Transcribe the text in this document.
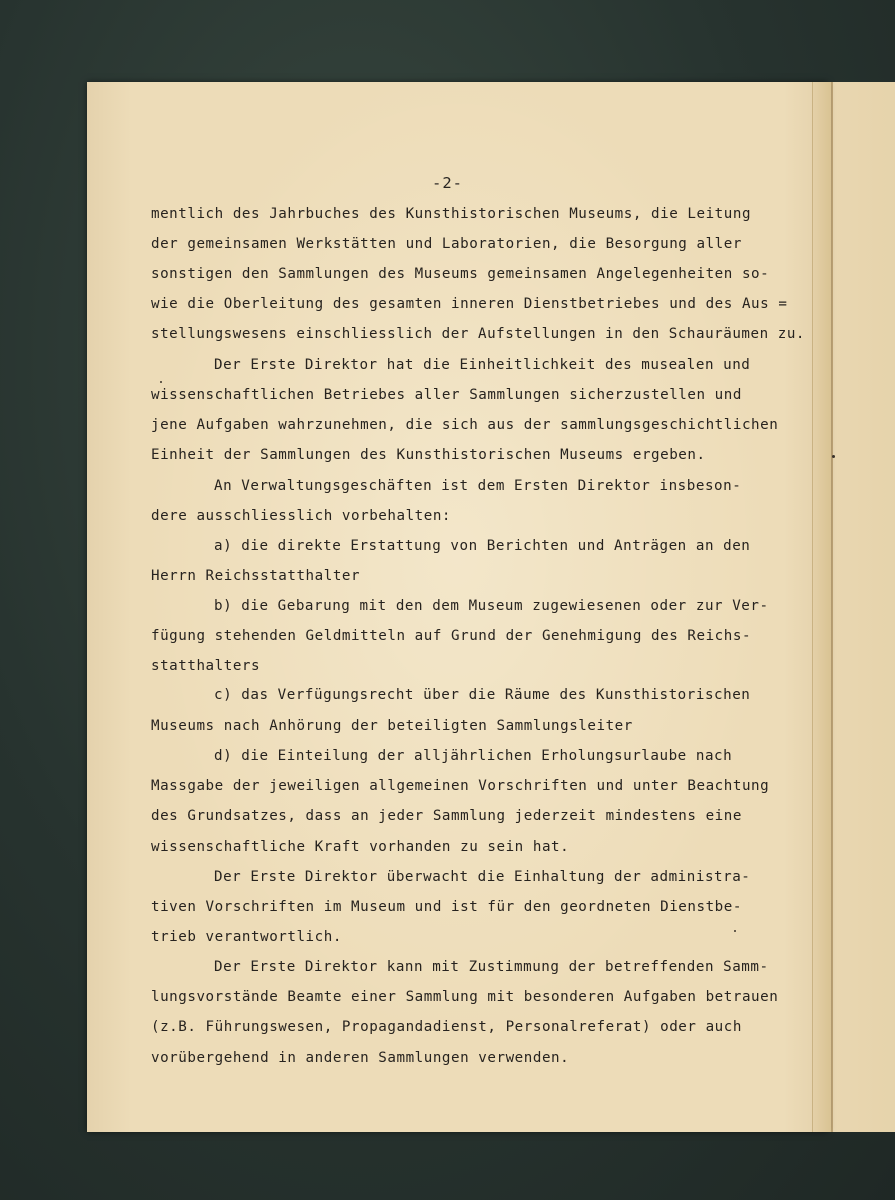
-2-
mentlich des Jahrbuches des Kunsthistorischen Museums, die Leitung
der gemeinsamen Werkstätten und Laboratorien, die Besorgung aller
sonstigen den Sammlungen des Museums gemeinsamen Angelegenheiten so-
wie die Oberleitung des gesamten inneren Dienstbetriebes und des Aus =
stellungswesens einschliesslich der Aufstellungen in den Schauräumen zu.
Der Erste Direktor hat die Einheitlichkeit des musealen und
wissenschaftlichen Betriebes aller Sammlungen sicherzustellen und
jene Aufgaben wahrzunehmen, die sich aus der sammlungsgeschichtlichen
Einheit der Sammlungen des Kunsthistorischen Museums ergeben.
An Verwaltungsgeschäften ist dem Ersten Direktor insbeson-
dere ausschliesslich vorbehalten:
a) die direkte Erstattung von Berichten und Anträgen an den
Herrn Reichsstatthalter
b) die Gebarung mit den dem Museum zugewiesenen oder zur Ver-
fügung stehenden Geldmitteln auf Grund der Genehmigung des Reichs-
statthalters
c) das Verfügungsrecht über die Räume des Kunsthistorischen
Museums nach Anhörung der beteiligten Sammlungsleiter
d) die Einteilung der alljährlichen Erholungsurlaube nach
Massgabe der jeweiligen allgemeinen Vorschriften und unter Beachtung
des Grundsatzes, dass an jeder Sammlung jederzeit mindestens eine
wissenschaftliche Kraft vorhanden zu sein hat.
Der Erste Direktor überwacht die Einhaltung der administra-
tiven Vorschriften im Museum und ist für den geordneten Dienstbe-
trieb verantwortlich.
Der Erste Direktor kann mit Zustimmung der betreffenden Samm-
lungsvorstände Beamte einer Sammlung mit besonderen Aufgaben betrauen
(z.B. Führungswesen, Propagandadienst, Personalreferat) oder auch
vorübergehend in anderen Sammlungen verwenden.
